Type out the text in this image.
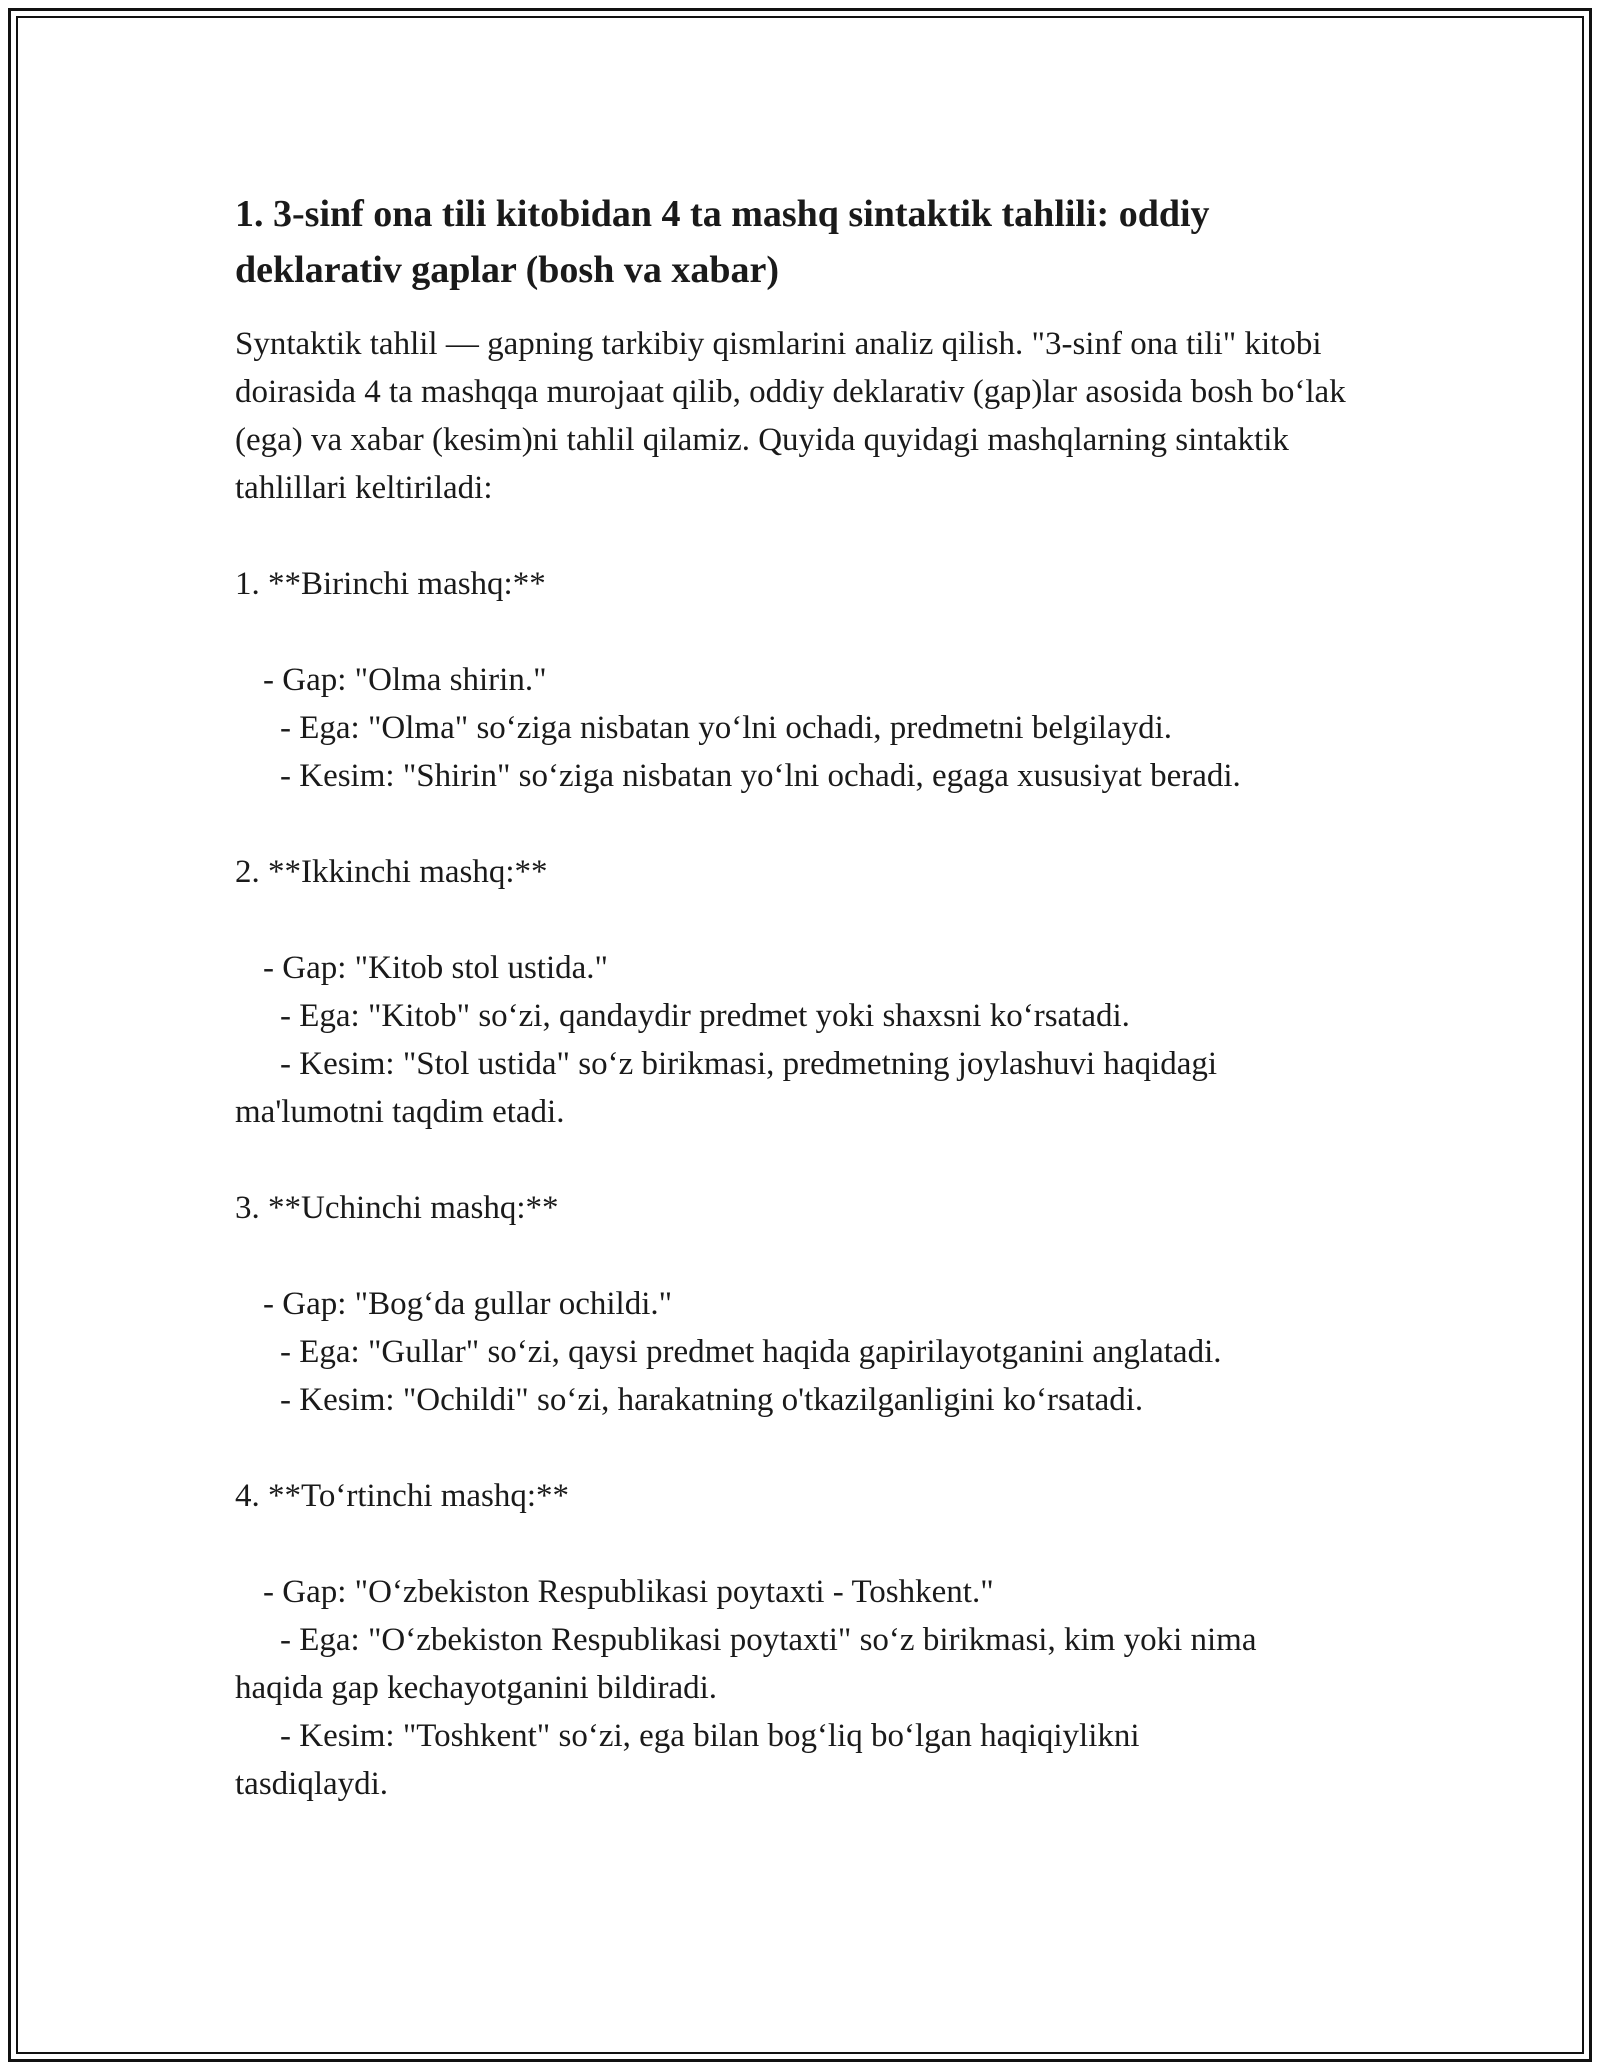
1. 3-sinf ona tili kitobidan 4 ta mashq sintaktik tahlili: oddiy deklarativ gaplar (bosh va xabar)

Syntaktik tahlil — gapning tarkibiy qismlarini analiz qilish. "3-sinf ona tili" kitobi doirasida 4 ta mashqqa murojaat qilib, oddiy deklarativ (gap)lar asosida bosh bo‘lak (ega) va xabar (kesim)ni tahlil qilamiz. Quyida quyidagi mashqlarning sintaktik tahlillari keltiriladi:

1. **Birinchi mashq:**

- Gap: "Olma shirin."

- Ega: "Olma" so‘ziga nisbatan yo‘lni ochadi, predmetni belgilaydi.

- Kesim: "Shirin" so‘ziga nisbatan yo‘lni ochadi, egaga xususiyat beradi.

2. **Ikkinchi mashq:**

- Gap: "Kitob stol ustida."

- Ega: "Kitob" so‘zi, qandaydir predmet yoki shaxsni ko‘rsatadi.

- Kesim: "Stol ustida" so‘z birikmasi, predmetning joylashuvi haqidagi

ma'lumotni taqdim etadi.

3. **Uchinchi mashq:**

- Gap: "Bog‘da gullar ochildi."

- Ega: "Gullar" so‘zi, qaysi predmet haqida gapirilayotganini anglatadi.

- Kesim: "Ochildi" so‘zi, harakatning o'tkazilganligini ko‘rsatadi.

4. **To‘rtinchi mashq:**

- Gap: "O‘zbekiston Respublikasi poytaxti - Toshkent."

- Ega: "O‘zbekiston Respublikasi poytaxti" so‘z birikmasi, kim yoki nima

haqida gap kechayotganini bildiradi.

- Kesim: "Toshkent" so‘zi, ega bilan bog‘liq bo‘lgan haqiqiylikni

tasdiqlaydi.
